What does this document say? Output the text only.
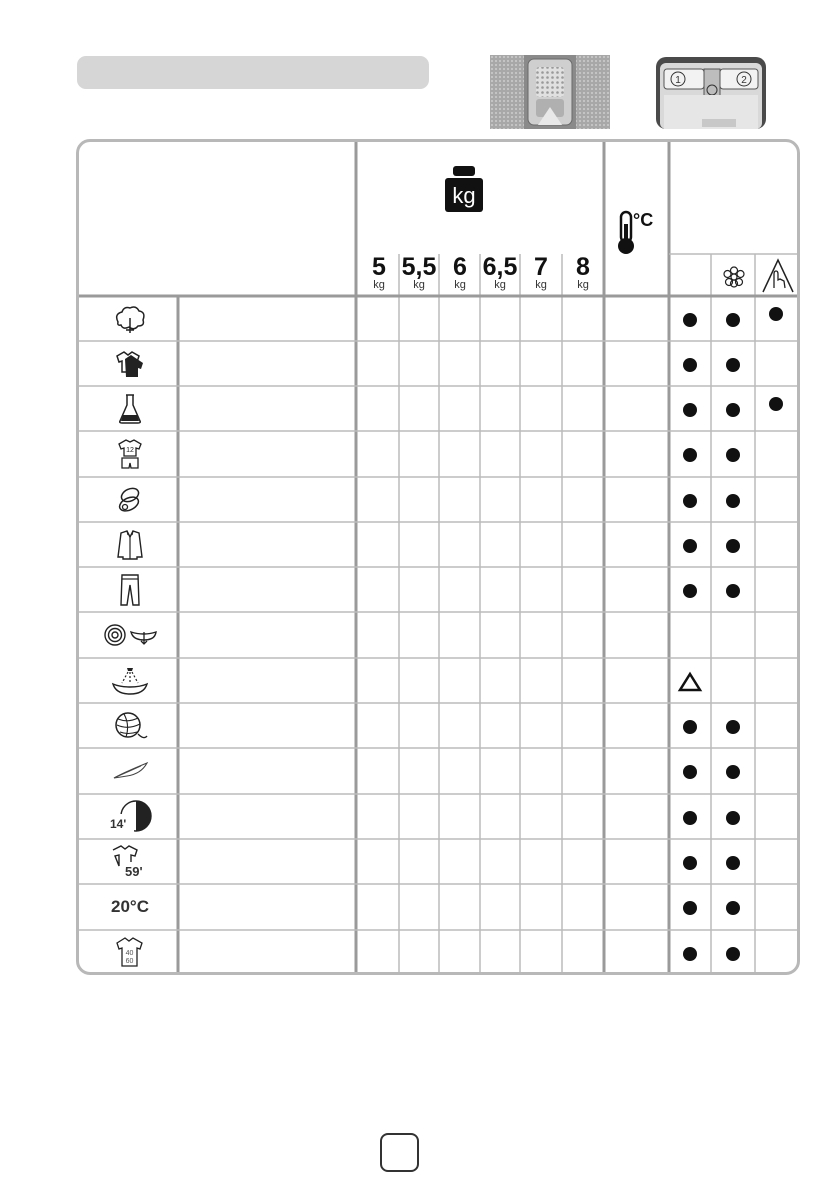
1	2
kg
5
kg
5,5
kg
6
kg
6,5
kg
7
kg
8
kg
°C
12
14'
59'
20°C
40
60
